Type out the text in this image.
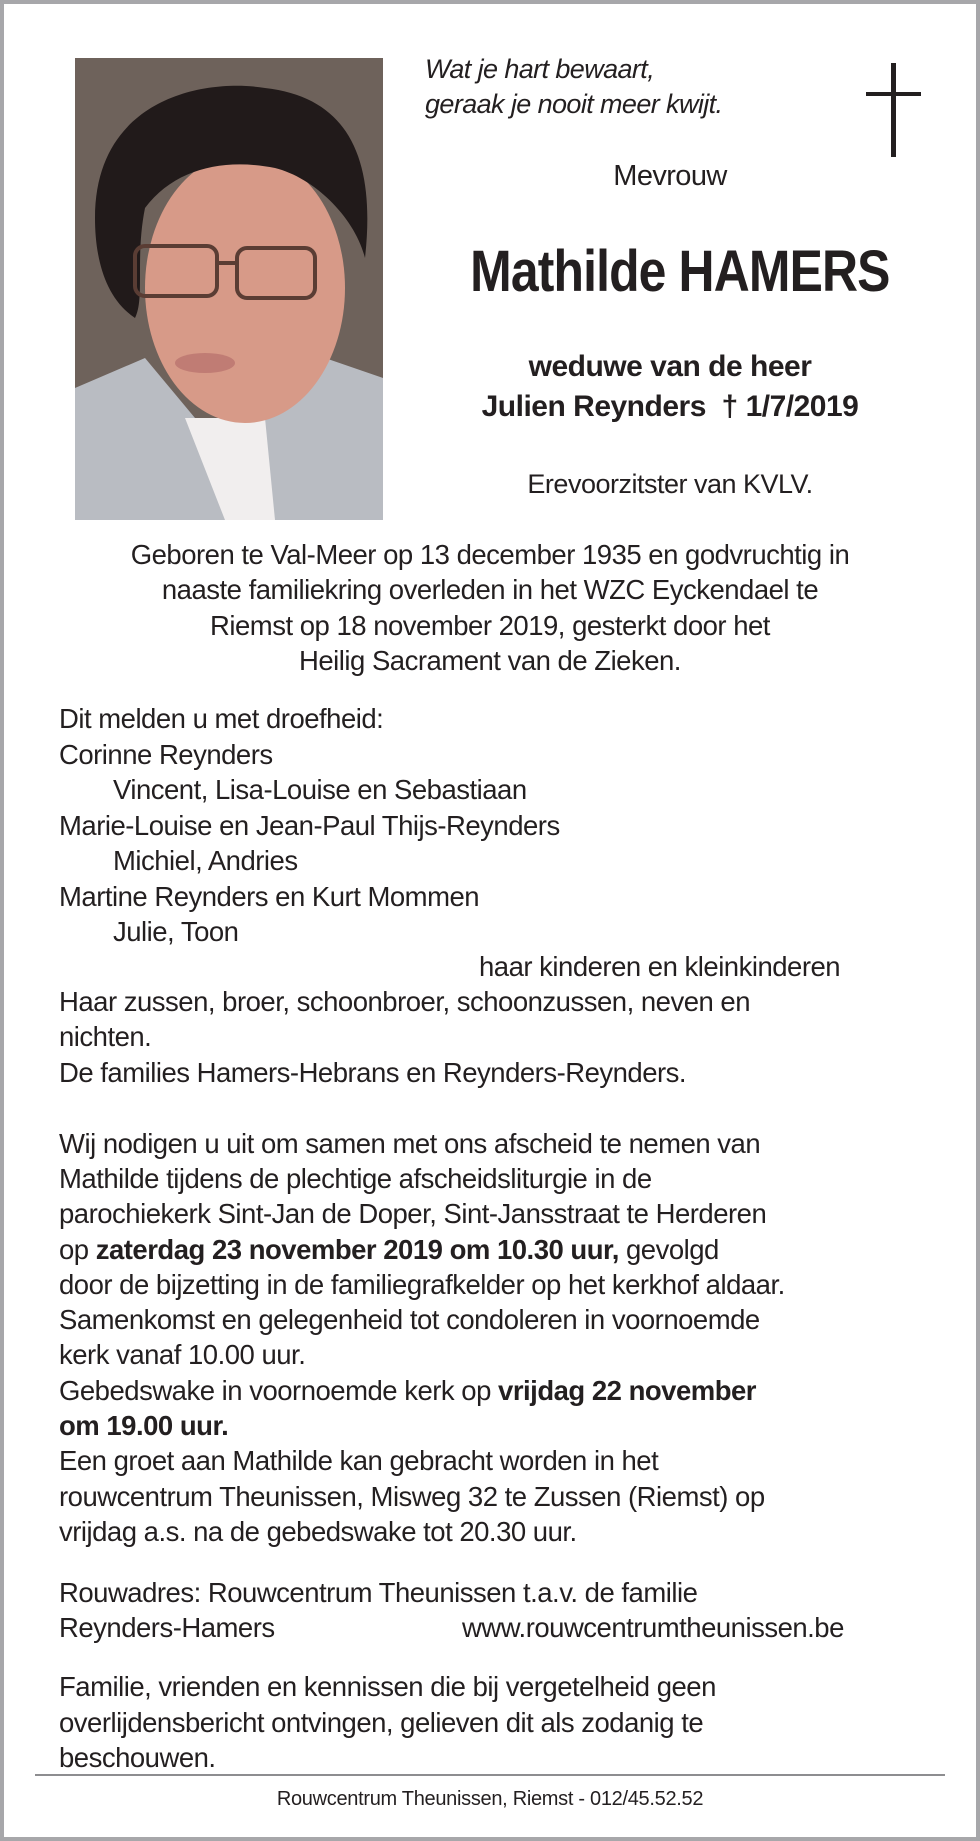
Wat je hart bewaart,
geraak je nooit meer kwijt.
Mevrouw
Mathilde HAMERS
weduwe van de heer
Julien Reynders  † 1/7/2019
Erevoorzitster van KVLV.
Geboren te Val-Meer op 13 december 1935 en godvruchtig in
naaste familiekring overleden in het WZC Eyckendael te
Riemst op 18 november 2019, gesterkt door het
Heilig Sacrament van de Zieken.
Dit melden u met droefheid:
Corinne Reynders
Vincent, Lisa-Louise en Sebastiaan
Marie-Louise en Jean-Paul Thijs-Reynders
Michiel, Andries
Martine Reynders en Kurt Mommen
Julie, Toon
haar kinderen en kleinkinderen
Haar zussen, broer, schoonbroer, schoonzussen, neven en
nichten.
De families Hamers-Hebrans en Reynders-Reynders.
Wij nodigen u uit om samen met ons afscheid te nemen van
Mathilde tijdens de plechtige afscheidsliturgie in de
parochiekerk Sint-Jan de Doper, Sint-Jansstraat te Herderen
op zaterdag 23 november 2019 om 10.30 uur, gevolgd
door de bijzetting in de familiegrafkelder op het kerkhof aldaar.
Samenkomst en gelegenheid tot condoleren in voornoemde
kerk vanaf 10.00 uur.
Gebedswake in voornoemde kerk op vrijdag 22 november
om 19.00 uur.
Een groet aan Mathilde kan gebracht worden in het
rouwcentrum Theunissen, Misweg 32 te Zussen (Riemst) op
vrijdag a.s. na de gebedswake tot 20.30 uur.
Rouwadres: Rouwcentrum Theunissen t.a.v. de familie
Reynders-Hamers	www.rouwcentrumtheunissen.be
Familie, vrienden en kennissen die bij vergetelheid geen
overlijdensbericht ontvingen, gelieven dit als zodanig te
beschouwen.
Rouwcentrum Theunissen, Riemst - 012/45.52.52
